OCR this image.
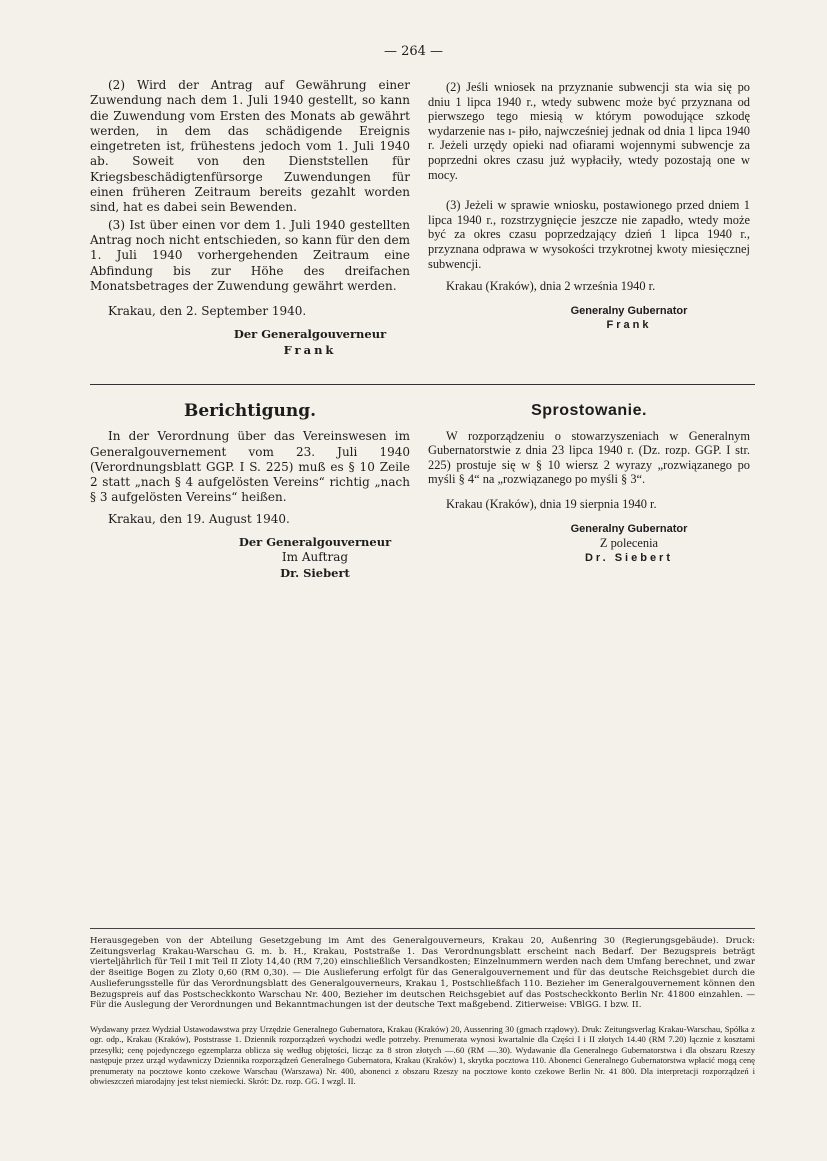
— 264 —

(2) Wird der Antrag auf Gewährung einer Zuwendung nach dem 1. Juli 1940 gestellt, so kann die Zuwendung vom Ersten des Monats ab gewährt werden, in dem das schädigende Ereignis eingetreten ist, frühestens jedoch vom 1. Juli 1940 ab. Soweit von den Dienststellen für Kriegsbeschädigtenfürsorge Zuwendungen für einen früheren Zeitraum bereits gezahlt worden sind, hat es dabei sein Bewenden.

(3) Ist über einen vor dem 1. Juli 1940 gestellten Antrag noch nicht entschieden, so kann für den dem 1. Juli 1940 vorhergehenden Zeitraum eine Abfindung bis zur Höhe des dreifachen Monatsbetrages der Zuwendung gewährt werden.

Krakau, den 2. September 1940.

Der Generalgouverneur

Frank

(2) Jeśli wniosek na przyznanie subwencji sta wia się po dniu 1 lipca 1940 r., wtedy subwenc może być przyznana od pierwszego tego miesią w którym powodujące szkodę wydarzenie nas ı- piło, najwcześniej jednak od dnia 1 lipca 1940 r. Jeżeli urzędy opieki nad ofiarami wojennymi subwencje za poprzedni okres czasu już wypłaciły, wtedy pozostają one w mocy.

(3) Jeżeli w sprawie wniosku, postawionego przed dniem 1 lipca 1940 r., rozstrzygnięcie jeszcze nie zapadło, wtedy może być za okres czasu poprzedzający dzień 1 lipca 1940 r., przyznana odprawa w wysokości trzykrotnej kwoty miesięcznej subwencji.

Krakau (Kraków), dnia 2 września 1940 r.

Generalny Gubernator

Frank

Berichtigung.

In der Verordnung über das Vereinswesen im Generalgouvernement vom 23. Juli 1940 (Verordnungsblatt GGP. I S. 225) muß es § 10 Zeile 2 statt „nach § 4 aufgelösten Vereins“ richtig „nach § 3 aufgelösten Vereins“ heißen.

Krakau, den 19. August 1940.

Der Generalgouverneur

Im Auftrag

Dr. Siebert

Sprostowanie.

W rozporządzeniu o stowarzyszeniach w Generalnym Gubernatorstwie z dnia 23 lipca 1940 r. (Dz. rozp. GGP. I str. 225) prostuje się w § 10 wiersz 2 wyrazy „rozwiązanego po myśli § 4“ na „rozwiązanego po myśli § 3“.

Krakau (Kraków), dnia 19 sierpnia 1940 r.

Generalny Gubernator

Z polecenia

Dr. Siebert

Herausgegeben von der Abteilung Gesetzgebung im Amt des Generalgouverneurs, Krakau 20, Außenring 30 (Regierungsgebäude). Druck: Zeitungsverlag Krakau-Warschau G. m. b. H., Krakau, Poststraße 1. Das Verordnungsblatt erscheint nach Bedarf. Der Bezugspreis beträgt vierteljährlich für Teil I mit Teil II Zloty 14,40 (RM 7,20) einschließlich Versandkosten; Einzelnummern werden nach dem Umfang berechnet, und zwar der 8seitige Bogen zu Zloty 0,60 (RM 0,30). — Die Auslieferung erfolgt für das Generalgouvernement und für das deutsche Reichsgebiet durch die Auslieferungsstelle für das Verordnungsblatt des Generalgouverneurs, Krakau 1, Postschließfach 110. Bezieher im Generalgouvernement können den Bezugspreis auf das Postscheckkonto Warschau Nr. 400, Bezieher im deutschen Reichsgebiet auf das Postscheckkonto Berlin Nr. 41800 einzahlen. — Für die Auslegung der Verordnungen und Bekanntmachungen ist der deutsche Text maßgebend. Zitierweise: VBlGG. I bzw. II.
Wydawany przez Wydział Ustawodawstwa przy Urzędzie Generalnego Gubernatora, Krakau (Kraków) 20, Aussenring 30 (gmach rządowy). Druk: Zeitungsverlag Krakau-Warschau, Spółka z ogr. odp., Krakau (Kraków), Poststrasse 1. Dziennik rozporządzeń wychodzi wedle potrzeby. Prenumerata wynosi kwartalnie dla Części I i II złotych 14.40 (RM 7.20) łącznie z kosztami przesyłki; cenę pojedynczego egzemplarza oblicza się według objętości, licząc za 8 stron złotych —.60 (RM —.30). Wydawanie dla Generalnego Gubernatorstwa i dla obszaru Rzeszy następuje przez urząd wydawniczy Dziennika rozporządzeń Generalnego Gubernatora, Krakau (Kraków) 1, skrytka pocztowa 110. Abonenci Generalnego Gubernatorstwa wpłacić mogą cenę prenumeraty na pocztowe konto czekowe Warschau (Warszawa) Nr. 400, abonenci z obszaru Rzeszy na pocztowe konto czekowe Berlin Nr. 41 800. Dla interpretacji rozporządzeń i obwieszczeń miarodajny jest tekst niemiecki. Skrót: Dz. rozp. GG. I wzgl. II.
